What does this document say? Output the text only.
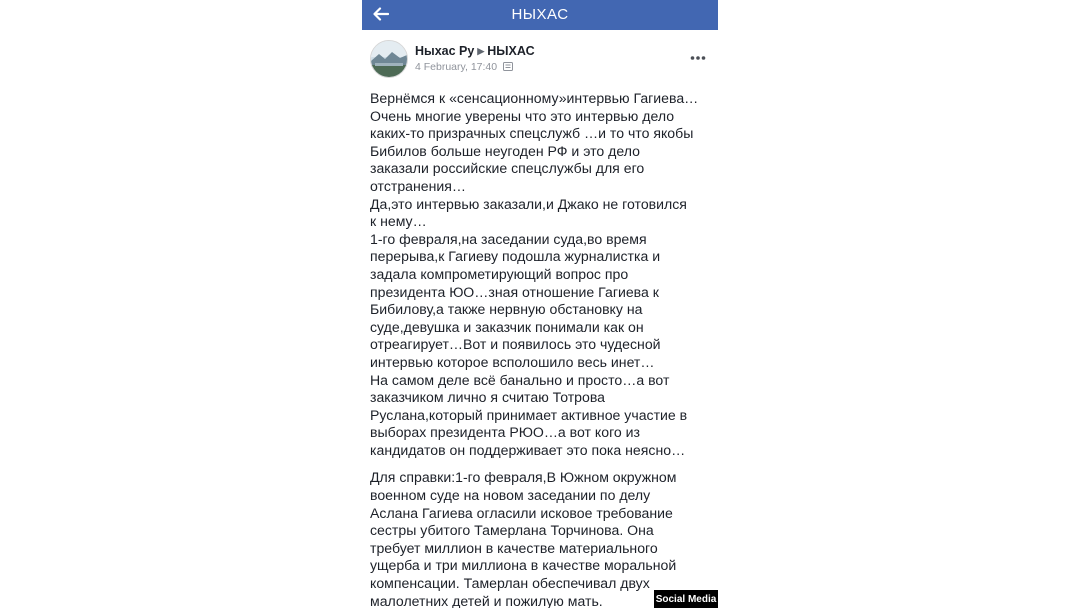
НЫХАС
Ныхас Ру ▶ НЫХАС
4 February, 17:40

Вернёмся к «сенсационному»интервью Гагиева…
Очень многие уверены что это интервью дело
каких-то призрачных спецслужб …и то что якобы
Бибилов больше неугоден РФ и это дело
заказали российские спецслужбы для его
отстранения…
Да,это интервью заказали,и Джако не готовился
к нему…
1-го февраля,на заседании суда,во время
перерыва,к Гагиеву подошла журналистка и
задала компрометирующий вопрос про
президента ЮО…зная отношение Гагиева к
Бибилову,а также нервную обстановку на
суде,девушка и заказчик понимали как он
отреагирует…Вот и появилось это чудесной
интервью которое всполошило весь инет…
На самом деле всё банально и просто…а вот
заказчиком лично я считаю Тотрова
Руслана,который принимает активное участие в
выборах президента РЮО…а вот кого из
кандидатов он поддерживает это пока неясно…

Для справки:1-го февраля,В Южном окружном
военном суде на новом заседании по делу
Аслана Гагиева огласили исковое требование
сестры убитого Тамерлана Торчинова. Она
требует миллион в качестве материального
ущерба и три миллиона в качестве моральной
компенсации. Тамерлан обеспечивал двух
малолетних детей и пожилую мать.	Social Media
